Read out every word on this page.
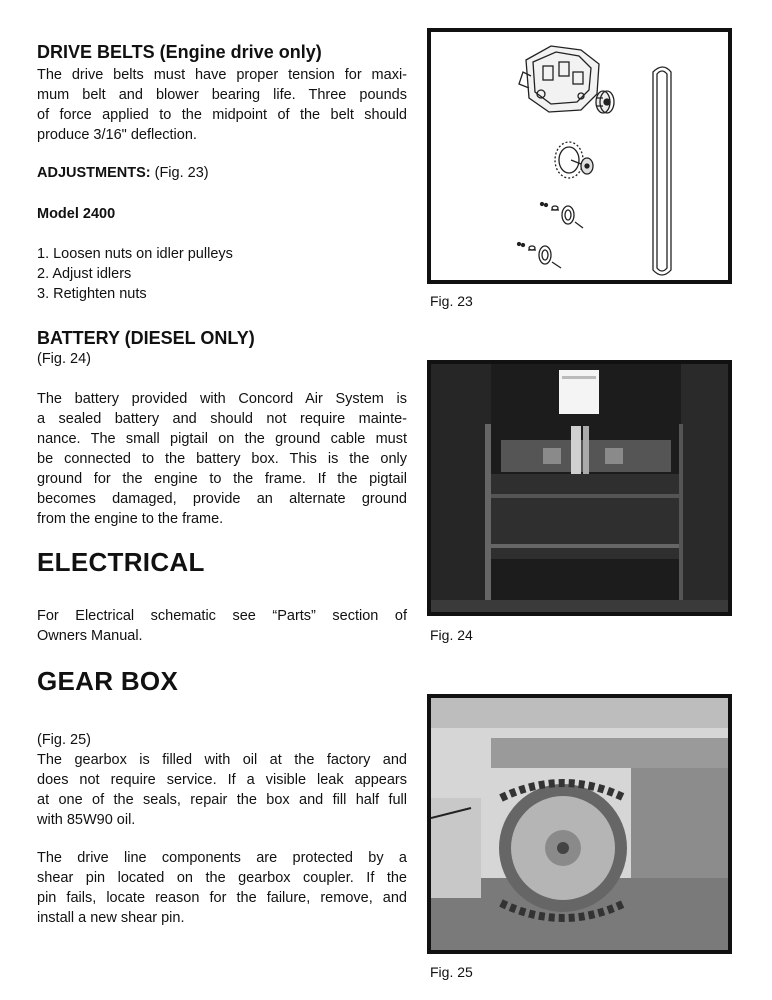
DRIVE BELTS (Engine drive only)

The drive belts must have proper tension for maxi-

mum belt and blower bearing life. Three pounds

of force applied to the midpoint of the belt should

produce 3/16" deflection.

ADJUSTMENTS: (Fig. 23)

Model 2400

1. Loosen nuts on idler pulleys

2. Adjust idlers

3. Retighten nuts

BATTERY (DIESEL ONLY)

(Fig. 24)

The battery provided with Concord Air System is

a sealed battery and should not require mainte-

nance. The small pigtail on the ground cable must

be connected to the battery box. This is the only

ground for the engine to the frame. If the pigtail

becomes damaged, provide an alternate ground

from the engine to the frame.

ELECTRICAL

For Electrical schematic see “Parts” section of

Owners Manual.

GEAR BOX

(Fig. 25)

The gearbox is filled with oil at the factory and

does not require service. If a visible leak appears

at one of the seals, repair the box and fill half full

with 85W90 oil.

The drive line components are protected by a

shear pin located on the gearbox coupler. If the

pin fails, locate reason for the failure, remove, and

install a new shear pin.

Fig. 23
Fig. 24
Fig. 25
